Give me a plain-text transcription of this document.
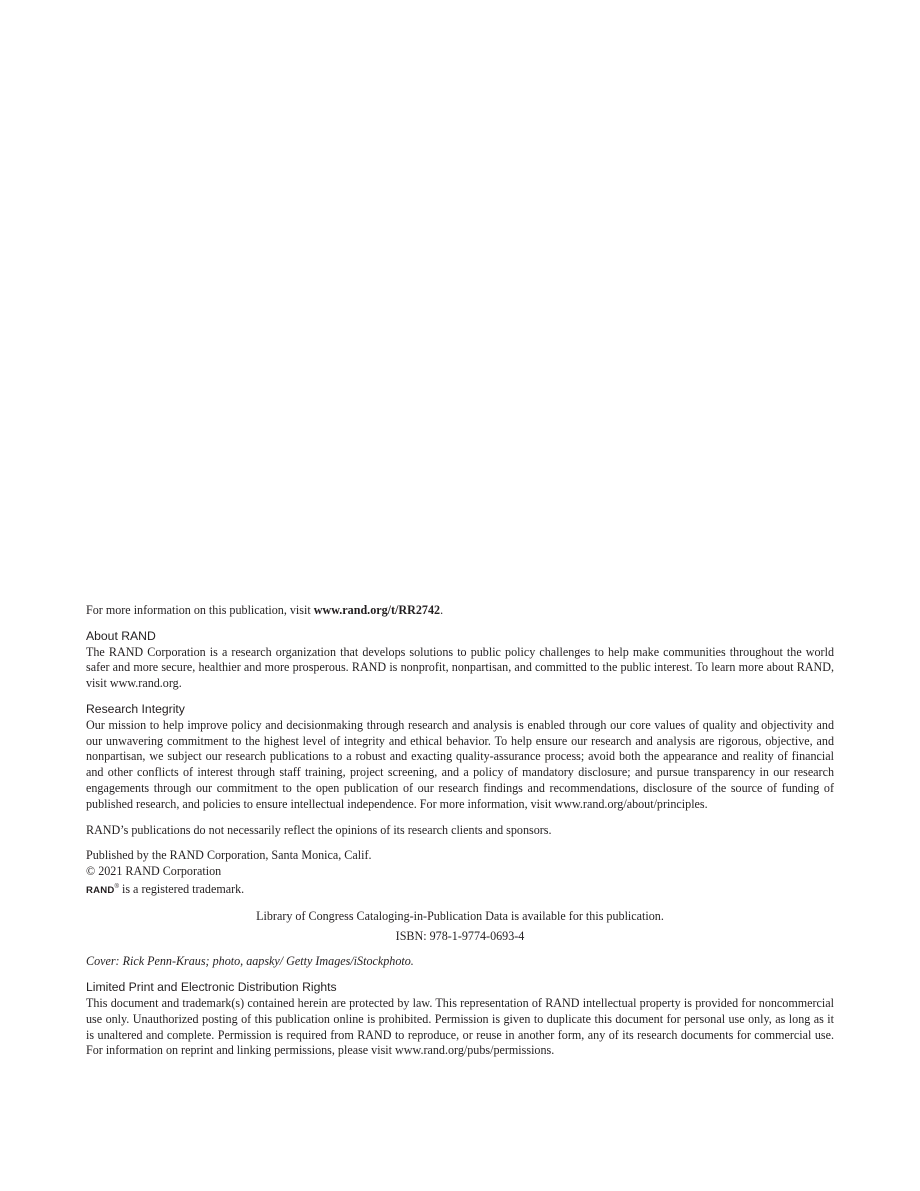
For more information on this publication, visit www.rand.org/t/RR2742.

About RAND

The RAND Corporation is a research organization that develops solutions to public policy challenges to help make communities throughout the world safer and more secure, healthier and more prosperous. RAND is nonprofit, nonpartisan, and committed to the public interest. To learn more about RAND, visit www.rand.org.

Research Integrity

Our mission to help improve policy and decisionmaking through research and analysis is enabled through our core values of quality and objectivity and our unwavering commitment to the highest level of integrity and ethical behavior. To help ensure our research and analysis are rigorous, objective, and nonpartisan, we subject our research publications to a robust and exacting quality-assurance process; avoid both the appearance and reality of financial and other conflicts of interest through staff training, project screening, and a policy of mandatory disclosure; and pursue transparency in our research engagements through our commitment to the open publication of our research findings and recommendations, disclosure of the source of funding of published research, and policies to ensure intellectual independence. For more information, visit www.rand.org/about/principles.

RAND’s publications do not necessarily reflect the opinions of its research clients and sponsors.

Published by the RAND Corporation, Santa Monica, Calif.

© 2021 RAND Corporation

RAND® is a registered trademark.

Library of Congress Cataloging-in-Publication Data is available for this publication.

ISBN: 978-1-9774-0693-4

Cover: Rick Penn-Kraus; photo, aapsky/ Getty Images/iStockphoto.

Limited Print and Electronic Distribution Rights

This document and trademark(s) contained herein are protected by law. This representation of RAND intellectual property is provided for noncommercial use only. Unauthorized posting of this publication online is prohibited. Permission is given to duplicate this document for personal use only, as long as it is unaltered and complete. Permission is required from RAND to reproduce, or reuse in another form, any of its research documents for commercial use. For information on reprint and linking permissions, please visit www.rand.org/pubs/permissions.
